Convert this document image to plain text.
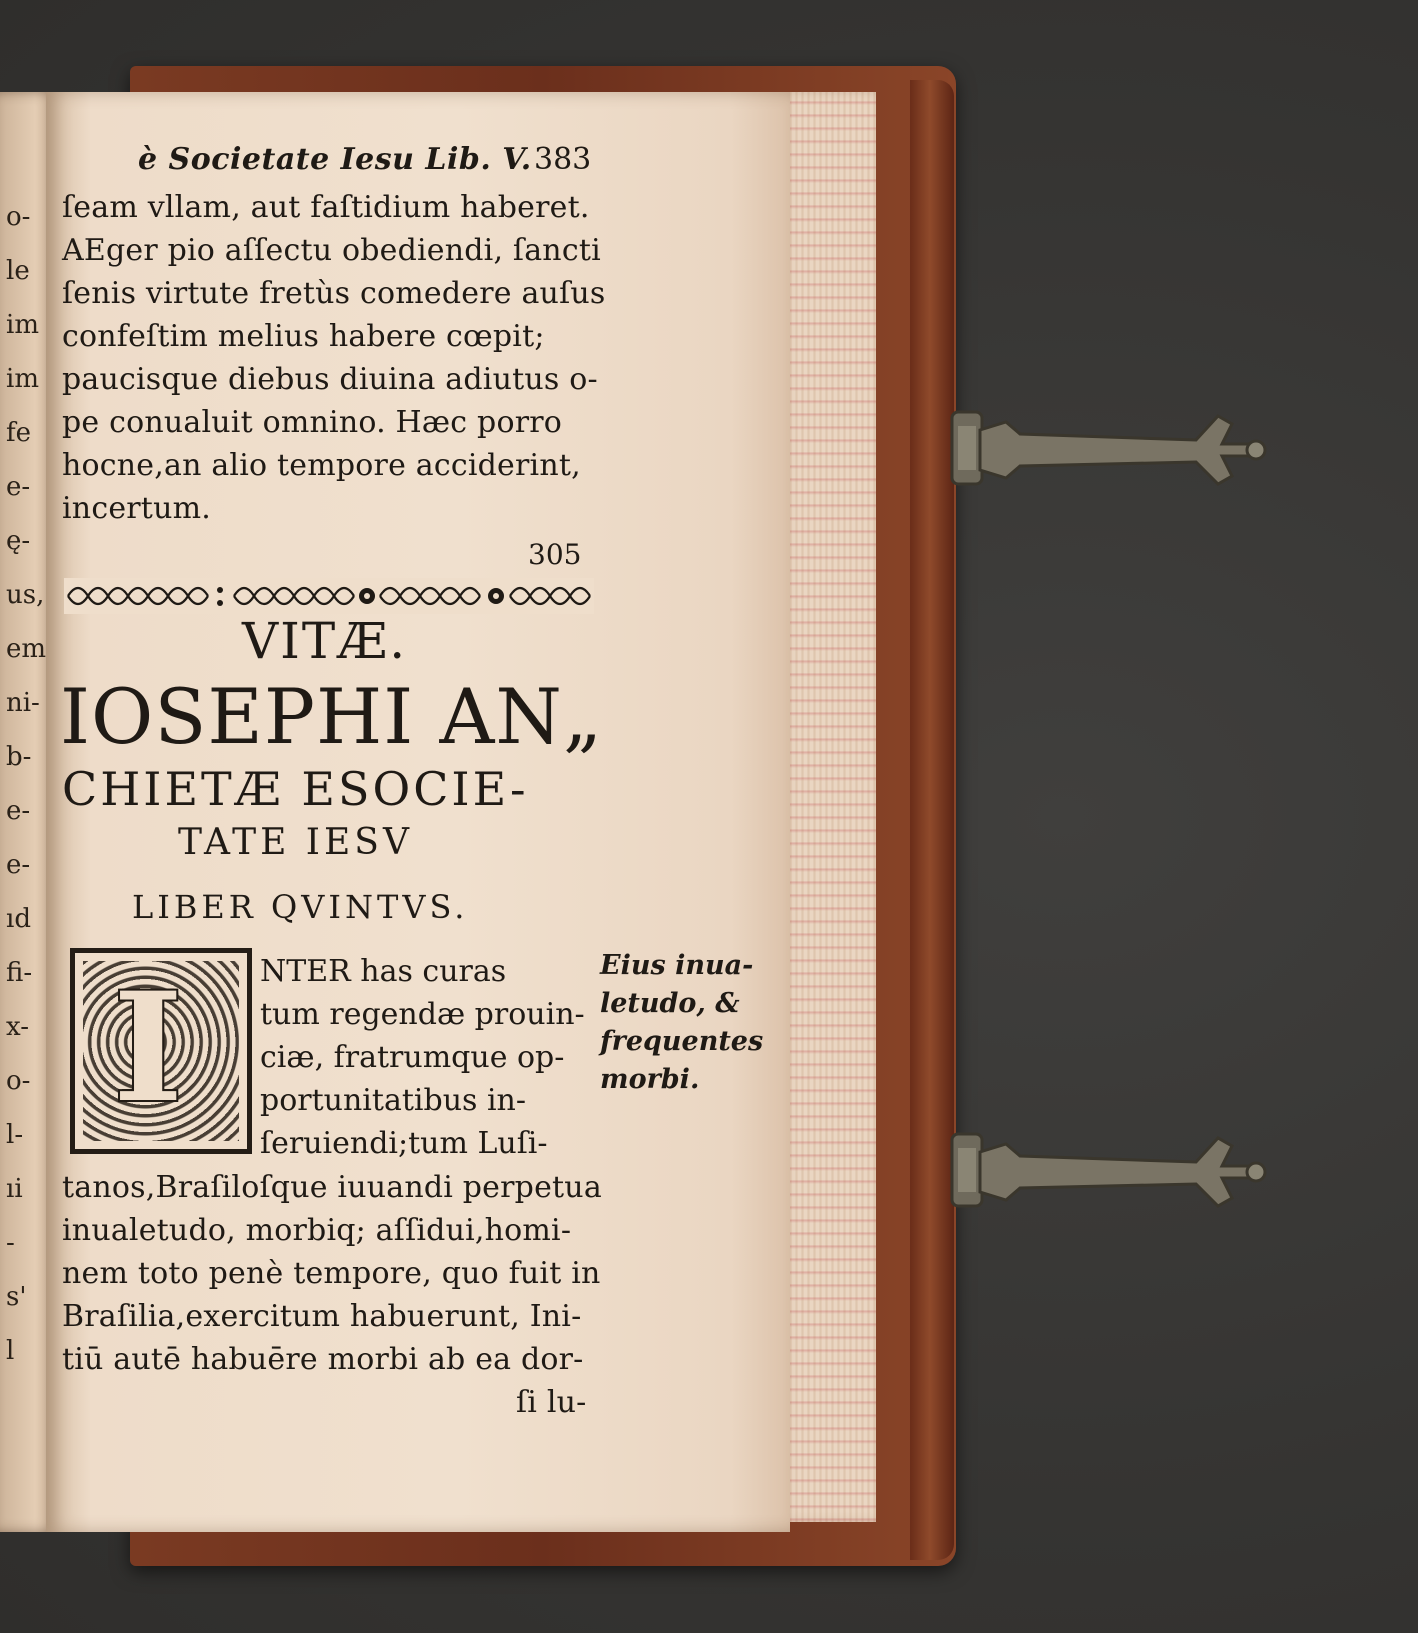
o-
le
im
im
fe
e-
ę-
us,
em
ni-
b-
e-
e-
ıd
fi-
x-
o-
l-
ıi
-
s'
l
è Societate Iesu Lib. V. 383
ſeam vllam, aut faſtidium haberet.
AEger pio aſſectu obediendi, ſancti
ſenis virtute fretùs comedere auſus
confeſtim melius habere cœpit;
paucisque diebus diuina adiutus o-
pe conualuit omnino. Hæc porro
hocne,an alio tempore acciderint,
incertum.
305
VITÆ.
IOSEPHI AN„
CHIETÆ ESOCIE-
TATE IESV
LIBER QVINTVS.
I	NTER has curas
tum regendæ prouin-
ciæ, fratrumque op-
portunitatibus in-
ſeruiendi;tum Luſi-
tanos,Braſiloſque iuuandi perpetua
inualetudo, morbiq; aſſidui,homi-
nem toto penè tempore, quo fuit in
Braſilia,exercitum habuerunt, Ini-
tiū autē habuēre morbi ab ea dor-
ſi lu-
Eius inua-
letudo, &
frequentes
morbi.
